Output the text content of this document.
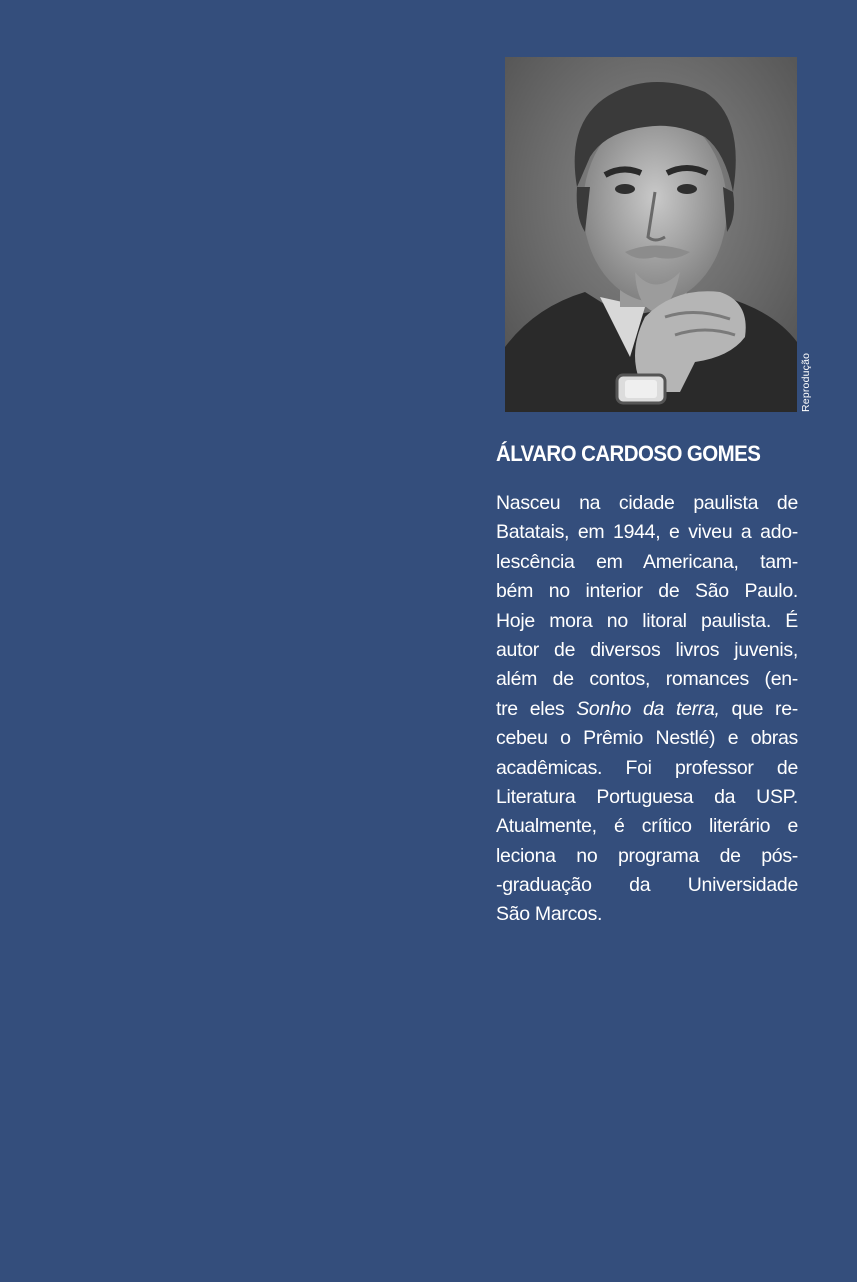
Reprodução
ÁLVARO CARDOSO GOMES
Nasceu na cidade paulista de
Batatais, em 1944, e viveu a ado-
lescência em Americana, tam-
bém no interior de São Paulo.
Hoje mora no litoral paulista. É
autor de diversos livros juvenis,
além de contos, romances (en-
tre eles Sonho da terra, que re-
cebeu o Prêmio Nestlé) e obras
acadêmicas. Foi professor de
Literatura Portuguesa da USP.
Atualmente, é crítico literário e
leciona no programa de pós-
-graduação da Universidade
São Marcos.
